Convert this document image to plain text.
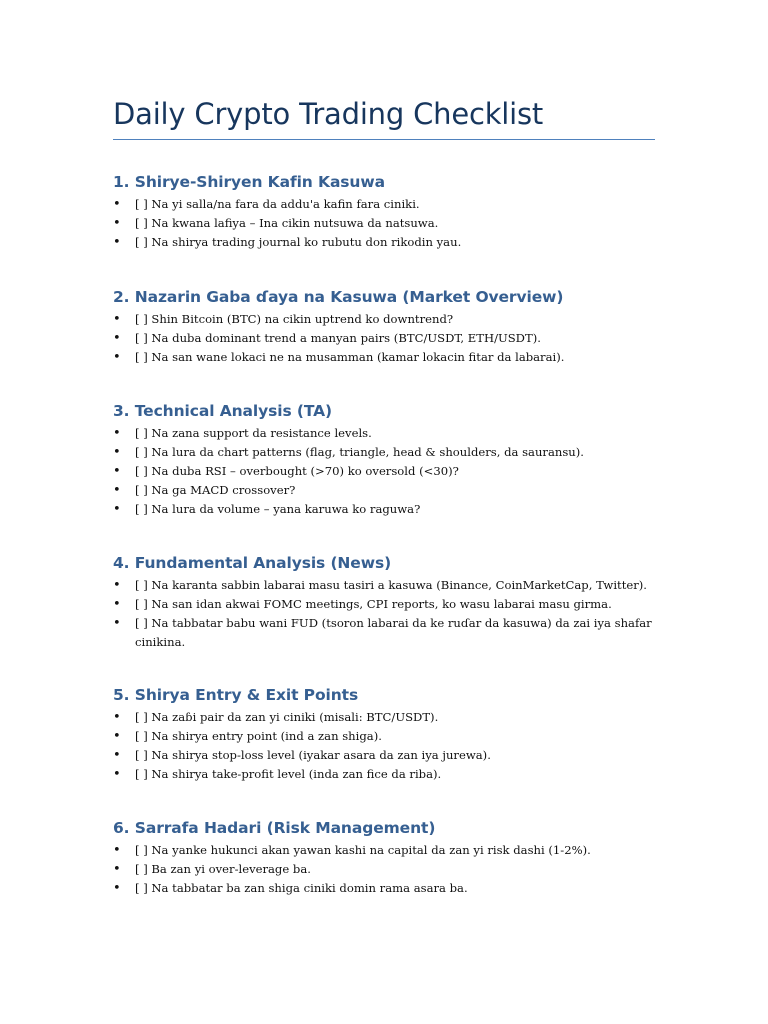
Daily Crypto Trading Checklist
1. Shirye-Shiryen Kafin Kasuwa
• [ ] Na yi salla/na fara da addu'a kafin fara ciniki.
• [ ] Na kwana lafiya – Ina cikin nutsuwa da natsuwa.
• [ ] Na shirya trading journal ko rubutu don rikodin yau.
2. Nazarin Gaba ɗaya na Kasuwa (Market Overview)
• [ ] Shin Bitcoin (BTC) na cikin uptrend ko downtrend?
• [ ] Na duba dominant trend a manyan pairs (BTC/USDT, ETH/USDT).
• [ ] Na san wane lokaci ne na musamman (kamar lokacin fitar da labarai).
3. Technical Analysis (TA)
• [ ] Na zana support da resistance levels.
• [ ] Na lura da chart patterns (flag, triangle, head & shoulders, da sauransu).
• [ ] Na duba RSI – overbought (>70) ko oversold (<30)?
• [ ] Na ga MACD crossover?
• [ ] Na lura da volume – yana karuwa ko raguwa?
4. Fundamental Analysis (News)
• [ ] Na karanta sabbin labarai masu tasiri a kasuwa (Binance, CoinMarketCap, Twitter).
• [ ] Na san idan akwai FOMC meetings, CPI reports, ko wasu labarai masu girma.
• [ ] Na tabbatar babu wani FUD (tsoron labarai da ke ruɗar da kasuwa) da zai iya shafar cinikina.
5. Shirya Entry & Exit Points
• [ ] Na zaɓi pair da zan yi ciniki (misali: BTC/USDT).
• [ ] Na shirya entry point (ind a zan shiga).
• [ ] Na shirya stop-loss level (iyakar asara da zan iya jurewa).
• [ ] Na shirya take-profit level (inda zan fice da riba).
6. Sarrafa Hadari (Risk Management)
• [ ] Na yanke hukunci akan yawan kashi na capital da zan yi risk dashi (1-2%).
• [ ] Ba zan yi over-leverage ba.
• [ ] Na tabbatar ba zan shiga ciniki domin rama asara ba.
